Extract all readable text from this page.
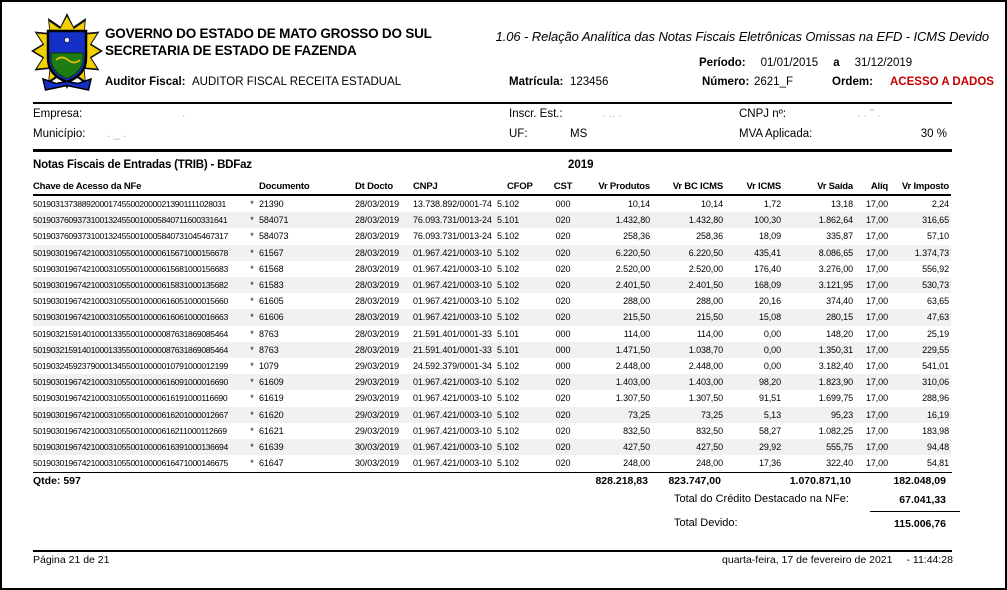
GOVERNO DO ESTADO DE MATO GROSSO DO SUL
SECRETARIA DE ESTADO DE FAZENDA
1.06 - Relação Analítica das Notas Fiscais Eletrônicas Omissas na EFD - ICMS Devido
Período: 01/01/2015 a 31/12/2019
Auditor Fiscal: AUDITOR FISCAL RECEITA ESTADUAL	Matrícula: 123456	Número: 2621_F	Ordem: ACESSO A DADOS
Empresa:	.	Inscr. Est.:	. .. .	CNPJ nº:	. . '' .
Município: . _ .	UF:	MS	MVA Aplicada:	30 %
Notas Fiscais de Entradas (TRIB) - BDFaz	2019
Chave de Acesso da NFe		Documento	Dt Docto	CNPJ	CFOP	CST	Vr Produtos	Vr BC ICMS	Vr ICMS	Vr Saída	Alíq	Vr Imposto
50190313738892000174550020000213901111028031	*	21390	28/03/2019	13.738.892/0001-74	5.102	000	10,14	10,14	1,72	13,18	17,00	2,24
50190376093731001324550010005840711600331641	*	584071	28/03/2019	76.093.731/0013-24	5.101	020	1.432,80	1.432,80	100,30	1.862,64	17,00	316,65
50190376093731001324550010005840731045467317	*	584073	28/03/2019	76.093.731/0013-24	5.102	020	258,36	258,36	18,09	335,87	17,00	57,10
50190301967421000310550010000615671000156678	*	61567	28/03/2019	01.967.421/0003-10	5.102	020	6.220,50	6.220,50	435,41	8.086,65	17,00	1.374,73
50190301967421000310550010000615681000156683	*	61568	28/03/2019	01.967.421/0003-10	5.102	020	2.520,00	2.520,00	176,40	3.276,00	17,00	556,92
50190301967421000310550010000615831000135682	*	61583	28/03/2019	01.967.421/0003-10	5.102	020	2.401,50	2.401,50	168,09	3.121,95	17,00	530,73
50190301967421000310550010000616051000015660	*	61605	28/03/2019	01.967.421/0003-10	5.102	020	288,00	288,00	20,16	374,40	17,00	63,65
50190301967421000310550010000616061000016663	*	61606	28/03/2019	01.967.421/0003-10	5.102	020	215,50	215,50	15,08	280,15	17,00	47,63
50190321591401000133550010000087631869085464	*	8763	28/03/2019	21.591.401/0001-33	5.101	000	114,00	114,00	0,00	148,20	17,00	25,19
50190321591401000133550010000087631869085464	*	8763	28/03/2019	21.591.401/0001-33	5.101	000	1.471,50	1.038,70	0,00	1.350,31	17,00	229,55
50190324592379000134550010000010791000012199	*	1079	29/03/2019	24.592.379/0001-34	5.102	000	2.448,00	2.448,00	0,00	3.182,40	17,00	541,01
50190301967421000310550010000616091000016690	*	61609	29/03/2019	01.967.421/0003-10	5.102	020	1.403,00	1.403,00	98,20	1.823,90	17,00	310,06
50190301967421000310550010000616191000116690	*	61619	29/03/2019	01.967.421/0003-10	5.102	020	1.307,50	1.307,50	91,51	1.699,75	17,00	288,96
50190301967421000310550010000616201000012667	*	61620	29/03/2019	01.967.421/0003-10	5.102	020	73,25	73,25	5,13	95,23	17,00	16,19
50190301967421000310550010000616211000112669	*	61621	29/03/2019	01.967.421/0003-10	5.102	020	832,50	832,50	58,27	1.082,25	17,00	183,98
50190301967421000310550010000616391000136694	*	61639	30/03/2019	01.967.421/0003-10	5.102	020	427,50	427,50	29,92	555,75	17,00	94,48
50190301967421000310550010000616471000146675	*	61647	30/03/2019	01.967.421/0003-10	5.102	020	248,00	248,00	17,36	322,40	17,00	54,81
Qtde: 597	828.218,83 823.747,00	1.070.871,10	182.048,09
Total do Crédito Destacado na NFe:	67.041,33
Total Devido:	115.006,76
Página 21 de 21	quarta-feira, 17 de fevereiro de 2021 - 11:44:28
